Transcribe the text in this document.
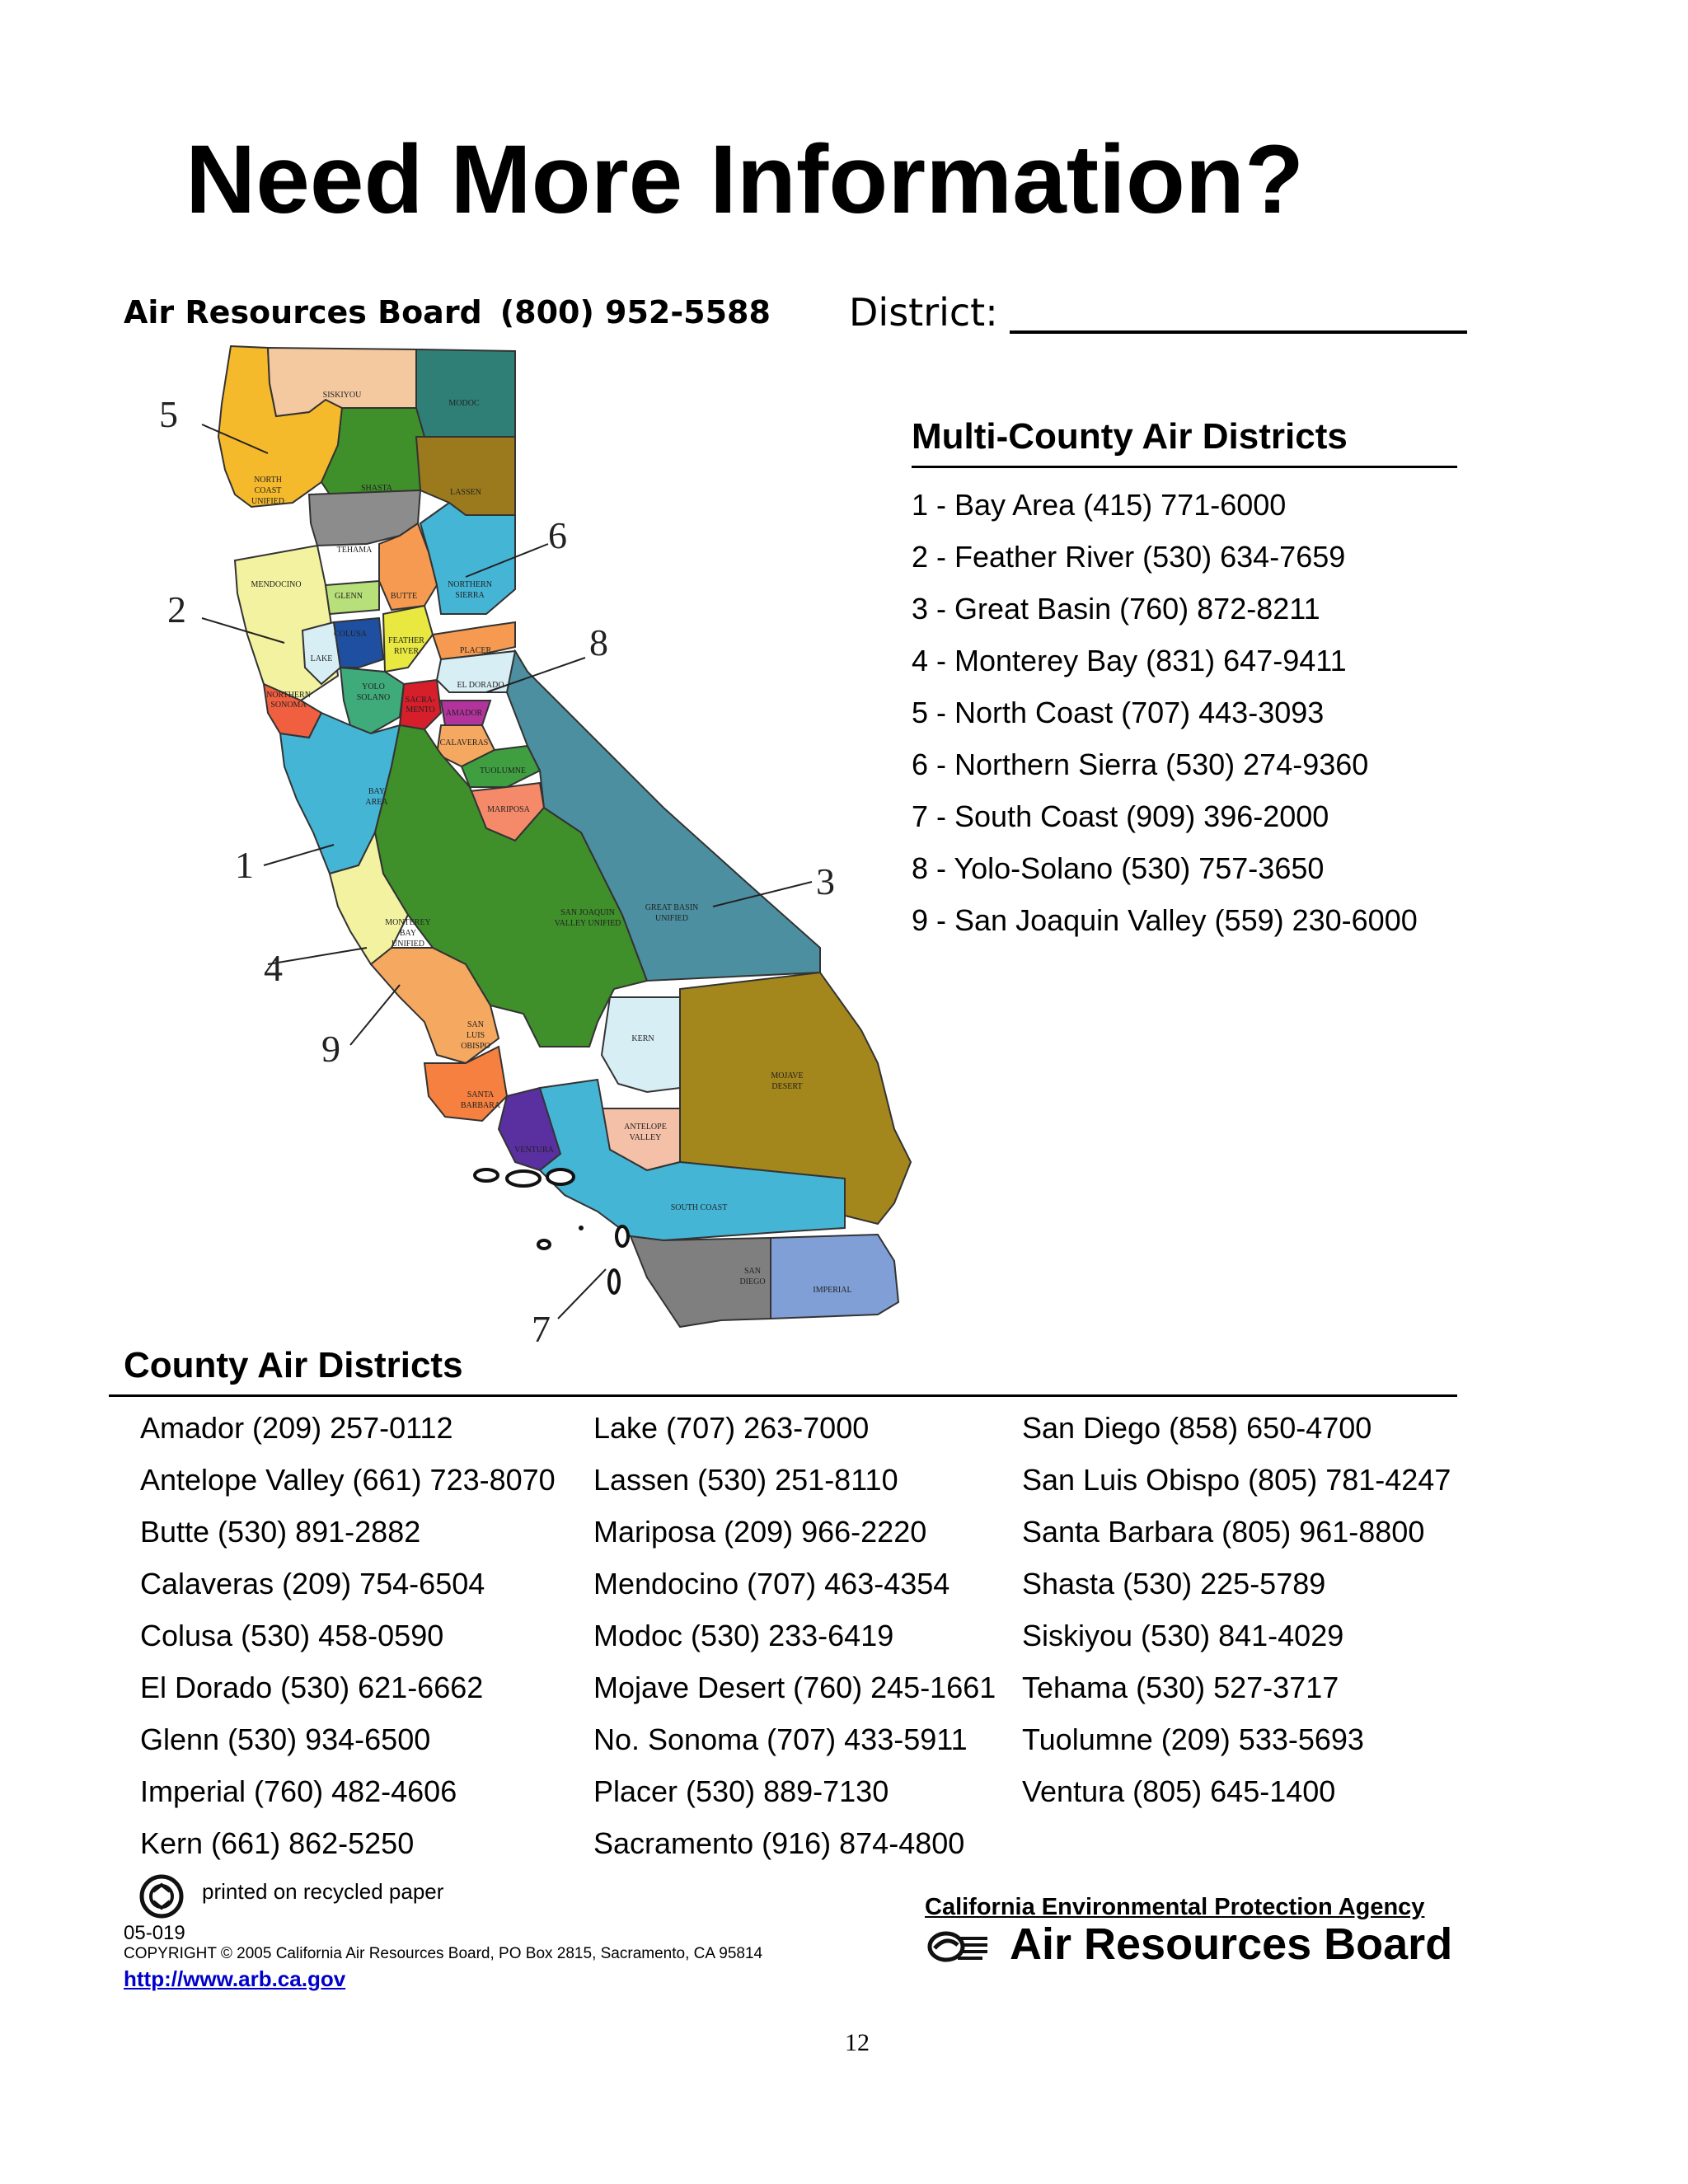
Need More Information?
Air Resources Board (800) 952-5588 District:
SISKIYOU
MODOC
NORTH
COAST
UNIFIED
SHASTA	LASSEN
TEHAMA
MENDOCINO
GLENN	BUTTE
NORTHERN
SIERRA
COLUSA
FEATHER
RIVER
LAKE
PLACER
NORTHERN
SONOMA
YOLO
SOLANO
EL DORADO
SACRA-
MENTO AMADOR
CALAVERAS
TUOLUMNE
MARIPOSA
BAY
AREA
GREAT BASIN
UNIFIED
SAN JOAQUIN
VALLEY UNIFIED
MONTEREY
BAY
UNIFIED
KERN
MOJAVE
DESERT
SAN
LUIS
OBISPO
SANTA
BARBARA
ANTELOPE
VALLEY
VENTURA
SOUTH COAST
SAN
DIEGO
IMPERIAL
5
6
2
8
1	3
4
9
7
Multi-County Air Districts
1 - Bay Area (415) 771-6000
2 - Feather River (530) 634-7659
3 - Great Basin (760) 872-8211
4 - Monterey Bay (831) 647-9411
5 - North Coast (707) 443-3093
6 - Northern Sierra (530) 274-9360
7 - South Coast (909) 396-2000
8 - Yolo-Solano (530) 757-3650
9 - San Joaquin Valley (559) 230-6000
County Air Districts
Amador (209) 257-0112
Antelope Valley (661) 723-8070
Butte (530) 891-2882
Calaveras (209) 754-6504
Colusa (530) 458-0590
El Dorado (530) 621-6662
Glenn (530) 934-6500
Imperial (760) 482-4606
Kern (661) 862-5250
Lake (707) 263-7000
Lassen (530) 251-8110
Mariposa (209) 966-2220
Mendocino (707) 463-4354
Modoc (530) 233-6419
Mojave Desert (760) 245-1661
No. Sonoma (707) 433-5911
Placer (530) 889-7130
Sacramento (916) 874-4800
San Diego (858) 650-4700
San Luis Obispo (805) 781-4247
Santa Barbara (805) 961-8800
Shasta (530) 225-5789
Siskiyou (530) 841-4029
Tehama (530) 527-3717
Tuolumne (209) 533-5693
Ventura (805) 645-1400
printed on recycled paper
05-019
COPYRIGHT © 2005 California Air Resources Board, PO Box 2815, Sacramento, CA 95814
http://www.arb.ca.gov
California Environmental Protection Agency
Air Resources Board
12
